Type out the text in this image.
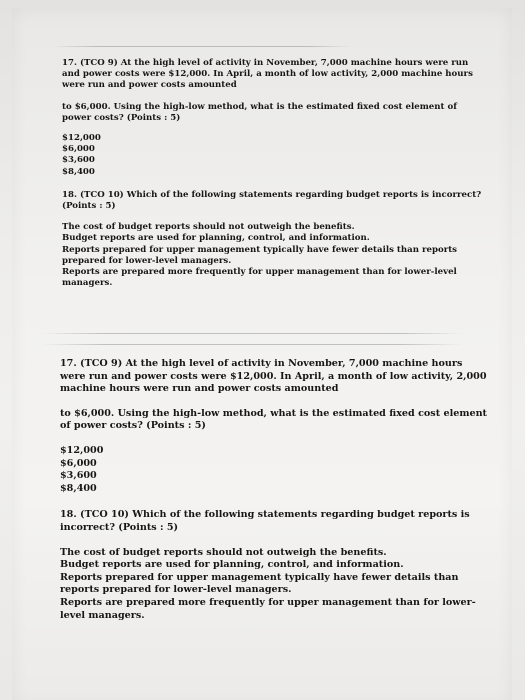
17. (TCO 9) At the high level of activity in November, 7,000 machine hours were run and power costs were $12,000. In April, a month of low activity, 2,000 machine hours were run and power costs amounted

to $6,000. Using the high-low method, what is the estimated fixed cost element of power costs? (Points : 5)

$12,000
$6,000
$3,600
$8,400

18. (TCO 10) Which of the following statements regarding budget reports is incorrect? (Points : 5)

The cost of budget reports should not outweigh the benefits.
Budget reports are used for planning, control, and information.
Reports prepared for upper management typically have fewer details than reports prepared for lower-level managers.
Reports are prepared more frequently for upper management than for lower-level managers.

17. (TCO 9) At the high level of activity in November, 7,000 machine hours were run and power costs were $12,000. In April, a month of low activity, 2,000 machine hours were run and power costs amounted

to $6,000. Using the high-low method, what is the estimated fixed cost element of power costs? (Points : 5)

$12,000
$6,000
$3,600
$8,400

18. (TCO 10) Which of the following statements regarding budget reports is incorrect? (Points : 5)

The cost of budget reports should not outweigh the benefits.
Budget reports are used for planning, control, and information.
Reports prepared for upper management typically have fewer details than reports prepared for lower-level managers.
Reports are prepared more frequently for upper management than for lower-level managers.
